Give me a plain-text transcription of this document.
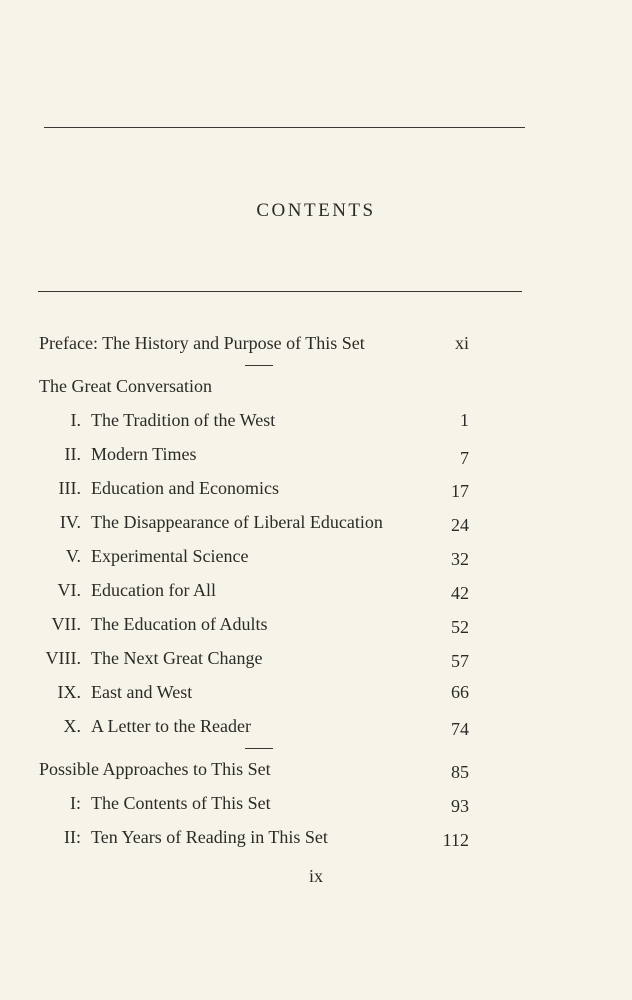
CONTENTS
Preface: The History and Purpose of This Set	xi
The Great Conversation
I. The Tradition of the West	1
II. Modern Times	7
III. Education and Economics	17
IV. The Disappearance of Liberal Education	24
V. Experimental Science	32
VI. Education for All	42
VII. The Education of Adults	52
VIII. The Next Great Change	57
IX. East and West	66
X. A Letter to the Reader	74
Possible Approaches to This Set	85
I: The Contents of This Set	93
II: Ten Years of Reading in This Set	112
ix
